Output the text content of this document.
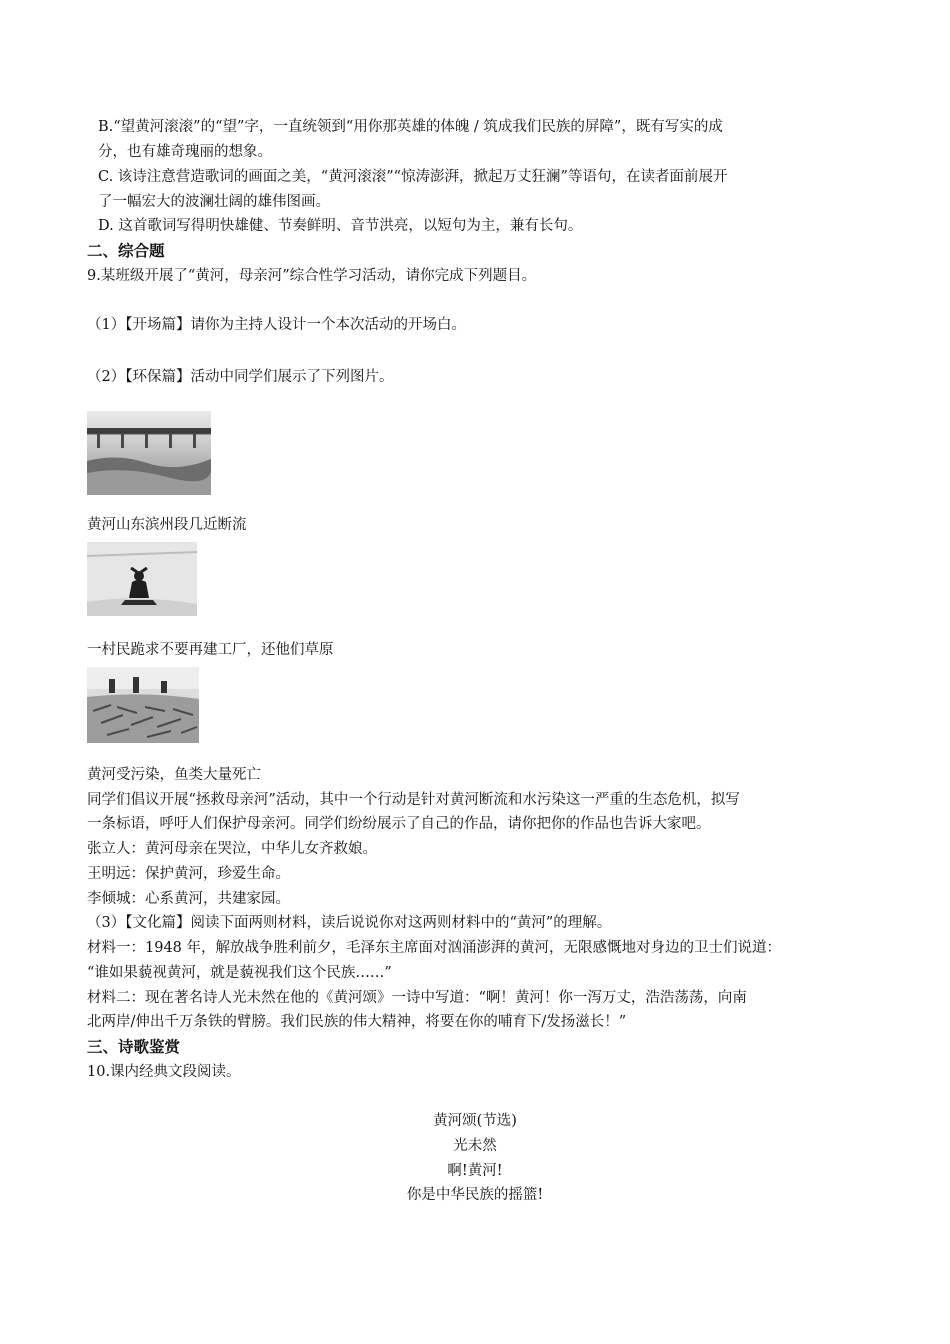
B.“望黄河滚滚”的“望”字，一直统领到“用你那英雄的体魄 / 筑成我们民族的屏障”，既有写实的成
分，也有雄奇瑰丽的想象。
C. 该诗注意营造歌词的画面之美，“黄河滚滚”“惊涛澎湃，掀起万丈狂澜”等语句，在读者面前展开
了一幅宏大的波澜壮阔的雄伟图画。
D. 这首歌词写得明快雄健、节奏鲜明、音节洪亮，以短句为主，兼有长句。
二、综合题
9.某班级开展了“黄河，母亲河”综合性学习活动，请你完成下列题目。
（1）【开场篇】请你为主持人设计一个本次活动的开场白。
（2）【环保篇】活动中同学们展示了下列图片。
黄河山东滨州段几近断流
一村民跪求不要再建工厂，还他们草原
黄河受污染，鱼类大量死亡
同学们倡议开展“拯救母亲河”活动，其中一个行动是针对黄河断流和水污染这一严重的生态危机，拟写
一条标语，呼吁人们保护母亲河。同学们纷纷展示了自己的作品，请你把你的作品也告诉大家吧。
张立人：黄河母亲在哭泣，中华儿女齐救娘。
王明远：保护黄河，珍爱生命。
李倾城：心系黄河，共建家园。
（3）【文化篇】阅读下面两则材料，读后说说你对这两则材料中的“黄河”的理解。
材料一：1948 年，解放战争胜利前夕，毛泽东主席面对汹涌澎湃的黄河，无限感慨地对身边的卫士们说道：
“谁如果藐视黄河，就是藐视我们这个民族……”
材料二：现在著名诗人光未然在他的《黄河颂》一诗中写道：“啊！黄河！你一泻万丈，浩浩荡荡，向南
北两岸/伸出千万条铁的臂膀。我们民族的伟大精神，将要在你的哺育下/发扬滋长！”
三、诗歌鉴赏
10.课内经典文段阅读。
黄河颂(节选)
光未然
啊!黄河!
你是中华民族的摇篮!
